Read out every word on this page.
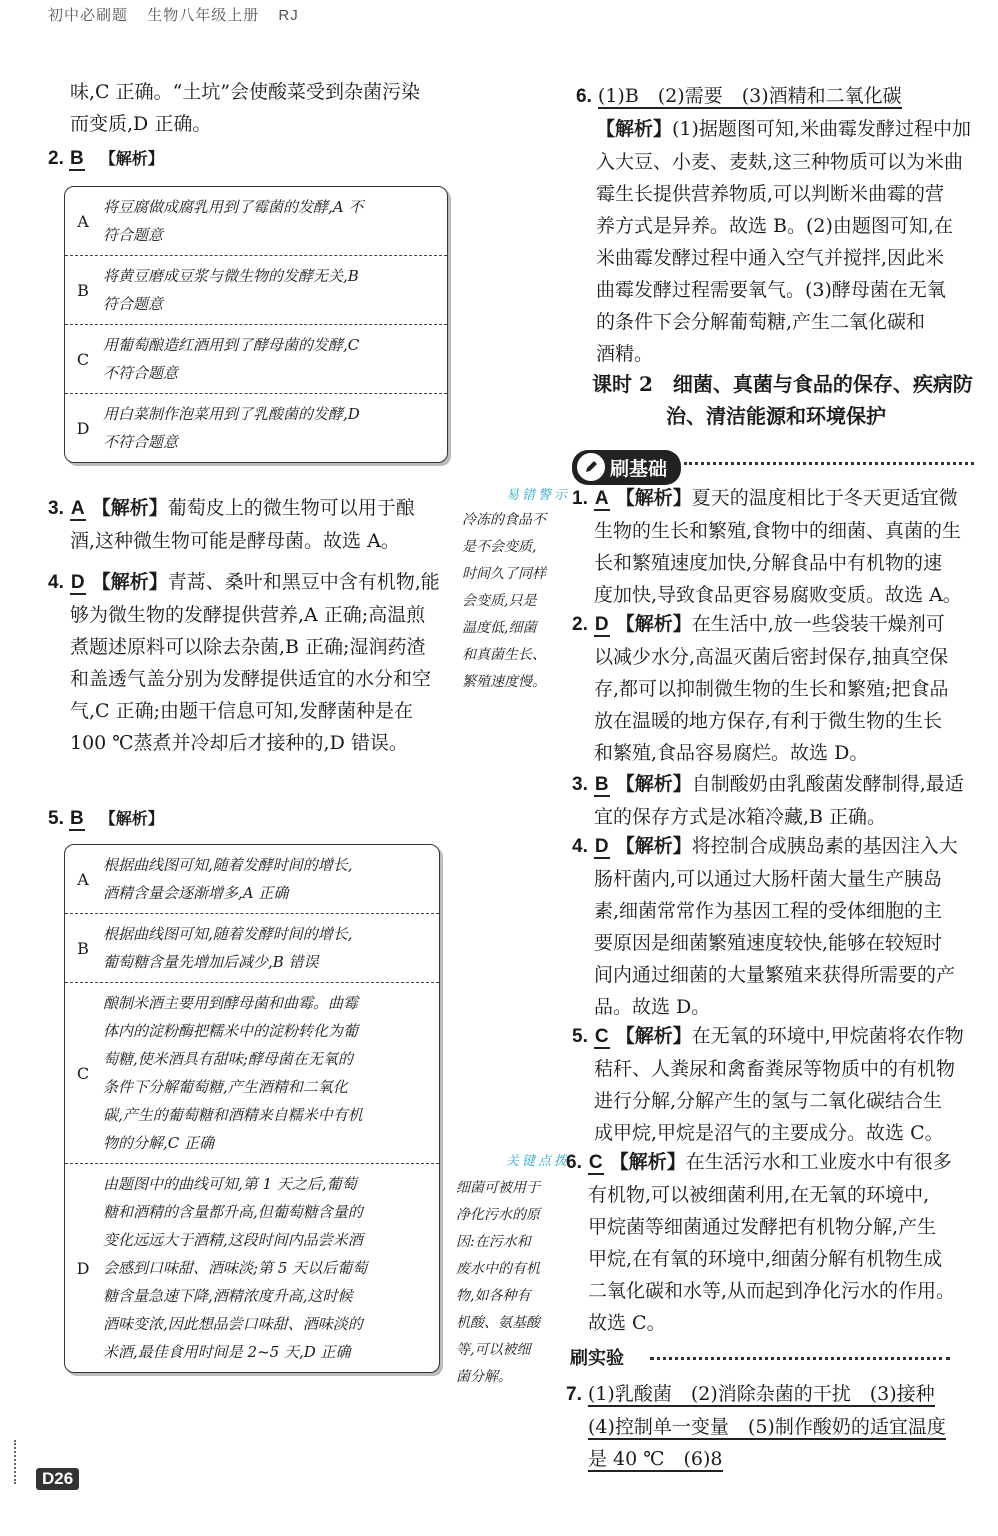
初中必刷题 生物八年级上册 RJ
味,C 正确。“土坑”会使酸菜受到杂菌污染
而变质,D 正确。
2. B 【解析】
A
将豆腐做成腐乳用到了霉菌的发酵,A 不
符合题意
B
将黄豆磨成豆浆与微生物的发酵无关,B
符合题意
C
用葡萄酿造红酒用到了酵母菌的发酵,C
不符合题意
D
用白菜制作泡菜用到了乳酸菌的发酵,D
不符合题意
3. A 【解析】葡萄皮上的微生物可以用于酿
酒,这种微生物可能是酵母菌。故选 A。
4. D 【解析】青蒿、桑叶和黑豆中含有机物,能
够为微生物的发酵提供营养,A 正确;高温煎
煮题述原料可以除去杂菌,B 正确;湿润药渣
和盖透气盖分别为发酵提供适宜的水分和空
气,C 正确;由题干信息可知,发酵菌种是在
100 ℃蒸煮并冷却后才接种的,D 错误。
5. B 【解析】
A
根据曲线图可知,随着发酵时间的增长,
酒精含量会逐渐增多,A 正确
B
根据曲线图可知,随着发酵时间的增长,
葡萄糖含量先增加后减少,B 错误
C
酿制米酒主要用到酵母菌和曲霉。曲霉
体内的淀粉酶把糯米中的淀粉转化为葡
萄糖,使米酒具有甜味;酵母菌在无氧的
条件下分解葡萄糖,产生酒精和二氧化
碳,产生的葡萄糖和酒精来自糯米中有机
物的分解,C 正确
D
由题图中的曲线可知,第 1 天之后,葡萄
糖和酒精的含量都升高,但葡萄糖含量的
变化远远大于酒精,这段时间内品尝米酒
会感到口味甜、酒味淡;第 5 天以后葡萄
糖含量急速下降,酒精浓度升高,这时候
酒味变浓,因此想品尝口味甜、酒味淡的
米酒,最佳食用时间是 2~5 天,D 正确
D26
易错警示
冷冻的食品不
是不会变质,
时间久了同样
会变质,只是
温度低,细菌
和真菌生长、
繁殖速度慢。
关键点拨
细菌可被用于
净化污水的原
因:在污水和
废水中的有机
物,如各种有
机酸、氨基酸
等,可以被细
菌分解。
6. (1)B　(2)需要　(3)酒精和二氧化碳
【解析】(1)据题图可知,米曲霉发酵过程中加
入大豆、小麦、麦麸,这三种物质可以为米曲
霉生长提供营养物质,可以判断米曲霉的营
养方式是异养。故选 B。(2)由题图可知,在
米曲霉发酵过程中通入空气并搅拌,因此米
曲霉发酵过程需要氧气。(3)酵母菌在无氧
的条件下会分解葡萄糖,产生二氧化碳和
酒精。
课时 2　 细菌、真菌与食品的保存、疾病防
治、清洁能源和环境保护
刷基础
1. A 【解析】夏天的温度相比于冬天更适宜微
生物的生长和繁殖,食物中的细菌、真菌的生
长和繁殖速度加快,分解食品中有机物的速
度加快,导致食品更容易腐败变质。故选 A。
2. D 【解析】在生活中,放一些袋装干燥剂可
以减少水分,高温灭菌后密封保存,抽真空保
存,都可以抑制微生物的生长和繁殖;把食品
放在温暖的地方保存,有利于微生物的生长
和繁殖,食品容易腐烂。故选 D。
3. B 【解析】自制酸奶由乳酸菌发酵制得,最适
宜的保存方式是冰箱冷藏,B 正确。
4. D 【解析】将控制合成胰岛素的基因注入大
肠杆菌内,可以通过大肠杆菌大量生产胰岛
素,细菌常常作为基因工程的受体细胞的主
要原因是细菌繁殖速度较快,能够在较短时
间内通过细菌的大量繁殖来获得所需要的产
品。故选 D。
5. C 【解析】在无氧的环境中,甲烷菌将农作物
秸秆、人粪尿和禽畜粪尿等物质中的有机物
进行分解,分解产生的氢与二氧化碳结合生
成甲烷,甲烷是沼气的主要成分。故选 C。
6. C 【解析】在生活污水和工业废水中有很多
有机物,可以被细菌利用,在无氧的环境中,
甲烷菌等细菌通过发酵把有机物分解,产生
甲烷,在有氧的环境中,细菌分解有机物生成
二氧化碳和水等,从而起到净化污水的作用。
故选 C。
刷实验
7. (1)乳酸菌　(2)消除杂菌的干扰　(3)接种
(4)控制单一变量　(5)制作酸奶的适宜温度
是 40 ℃　(6)8
